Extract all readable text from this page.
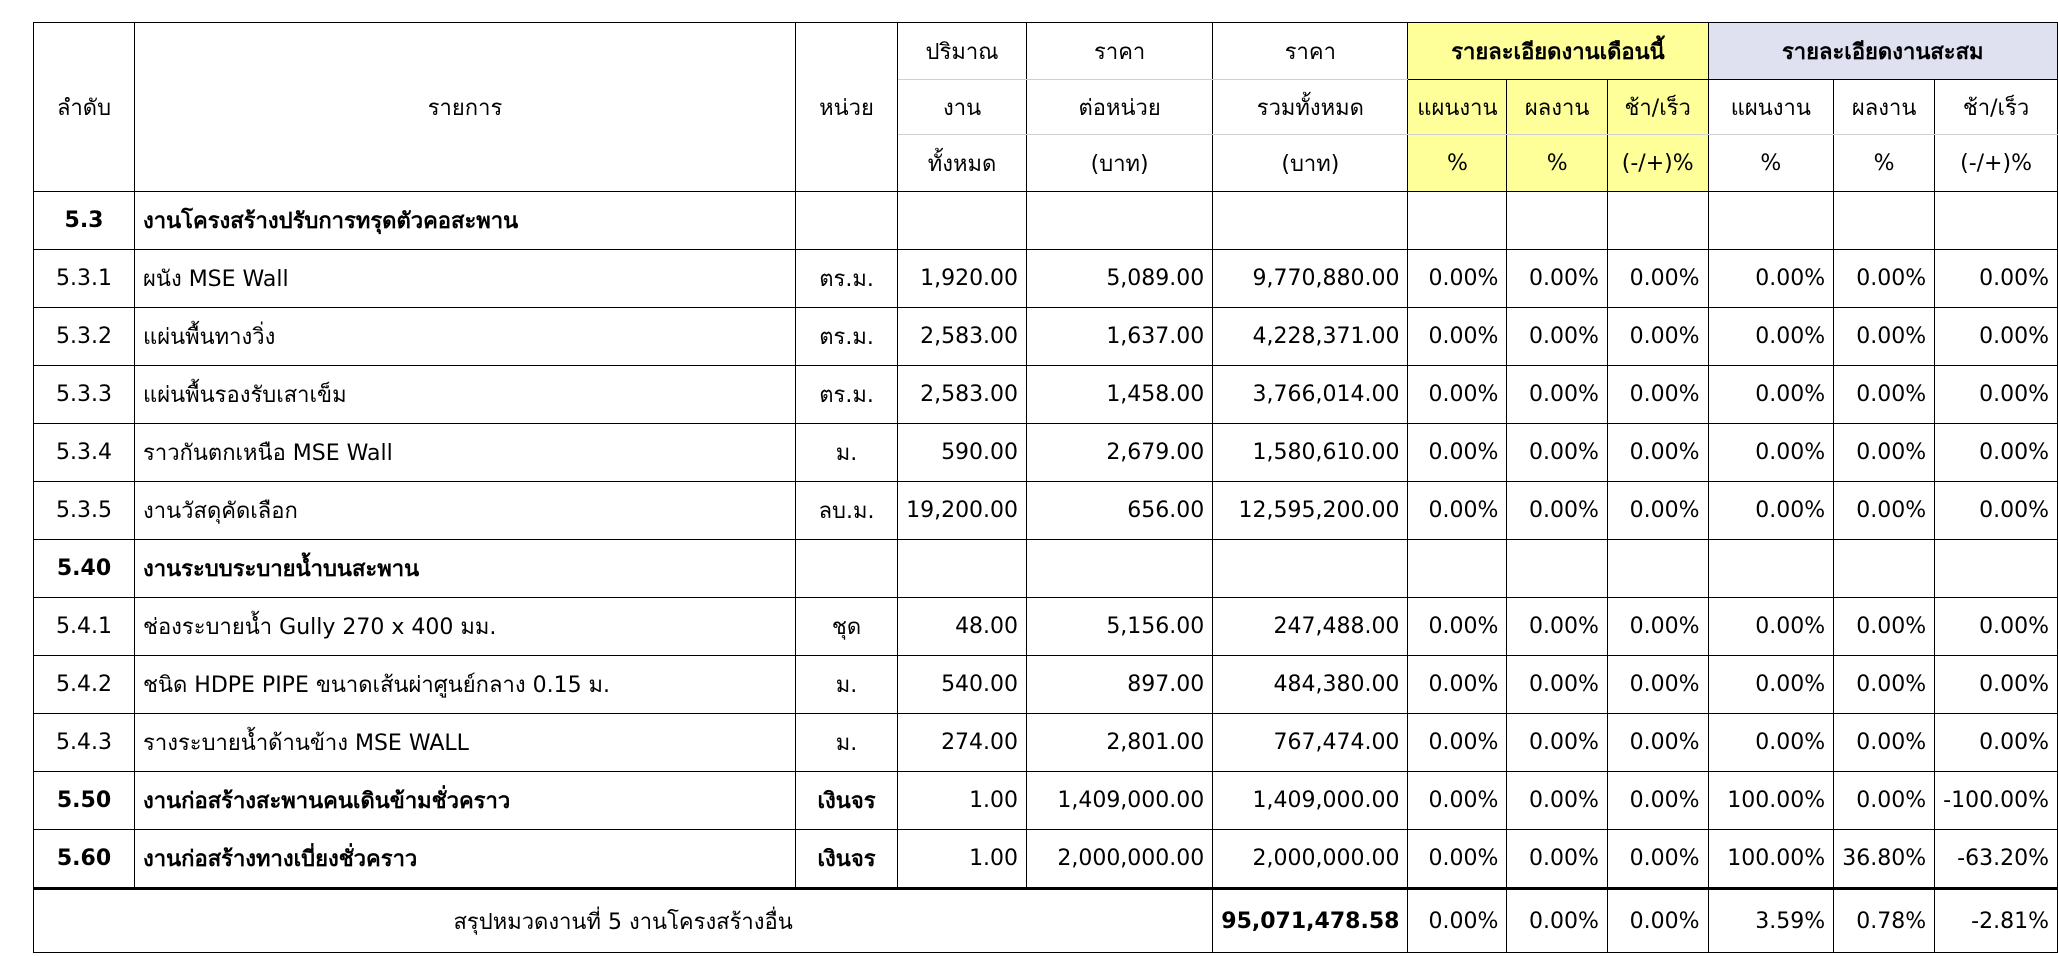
ลำดับ	รายการ	หน่วย	ปริมาณ	ราคา	ราคา	รายละเอียดงานเดือนนี้			รายละเอียดงานสะสม		
			งาน	ต่อหน่วย	รวมทั้งหมด	แผนงาน	ผลงาน	ช้า/เร็ว	แผนงาน	ผลงาน	ช้า/เร็ว
			ทั้งหมด	(บาท)	(บาท)	%	%	(-/+)%	%	%	(-/+)%
5.3	งานโครงสร้างปรับการทรุดตัวคอสะพาน										
5.3.1	ผนัง MSE Wall	ตร.ม.	1,920.00	5,089.00	9,770,880.00	0.00%	0.00%	0.00%	0.00%	0.00%	0.00%
5.3.2	แผ่นพื้นทางวิ่ง	ตร.ม.	2,583.00	1,637.00	4,228,371.00	0.00%	0.00%	0.00%	0.00%	0.00%	0.00%
5.3.3	แผ่นพื้นรองรับเสาเข็ม	ตร.ม.	2,583.00	1,458.00	3,766,014.00	0.00%	0.00%	0.00%	0.00%	0.00%	0.00%
5.3.4	ราวกันตกเหนือ MSE Wall	ม.	590.00	2,679.00	1,580,610.00	0.00%	0.00%	0.00%	0.00%	0.00%	0.00%
5.3.5	งานวัสดุคัดเลือก	ลบ.ม.	19,200.00	656.00	12,595,200.00	0.00%	0.00%	0.00%	0.00%	0.00%	0.00%
5.40	งานระบบระบายน้ำบนสะพาน										
5.4.1	ช่องระบายน้ำ Gully 270 x 400 มม.	ชุด	48.00	5,156.00	247,488.00	0.00%	0.00%	0.00%	0.00%	0.00%	0.00%
5.4.2	ชนิด HDPE PIPE ขนาดเส้นผ่าศูนย์กลาง 0.15 ม.	ม.	540.00	897.00	484,380.00	0.00%	0.00%	0.00%	0.00%	0.00%	0.00%
5.4.3	รางระบายน้ำด้านข้าง MSE WALL	ม.	274.00	2,801.00	767,474.00	0.00%	0.00%	0.00%	0.00%	0.00%	0.00%
5.50	งานก่อสร้างสะพานคนเดินข้ามชั่วคราว	เงินจร	1.00	1,409,000.00	1,409,000.00	0.00%	0.00%	0.00%	100.00%	0.00%	-100.00%
5.60	งานก่อสร้างทางเบี่ยงชั่วคราว	เงินจร	1.00	2,000,000.00	2,000,000.00	0.00%	0.00%	0.00%	100.00%	36.80%	-63.20%
สรุปหมวดงานที่ 5 งานโครงสร้างอื่น					95,071,478.58	0.00%	0.00%	0.00%	3.59%	0.78%	-2.81%
